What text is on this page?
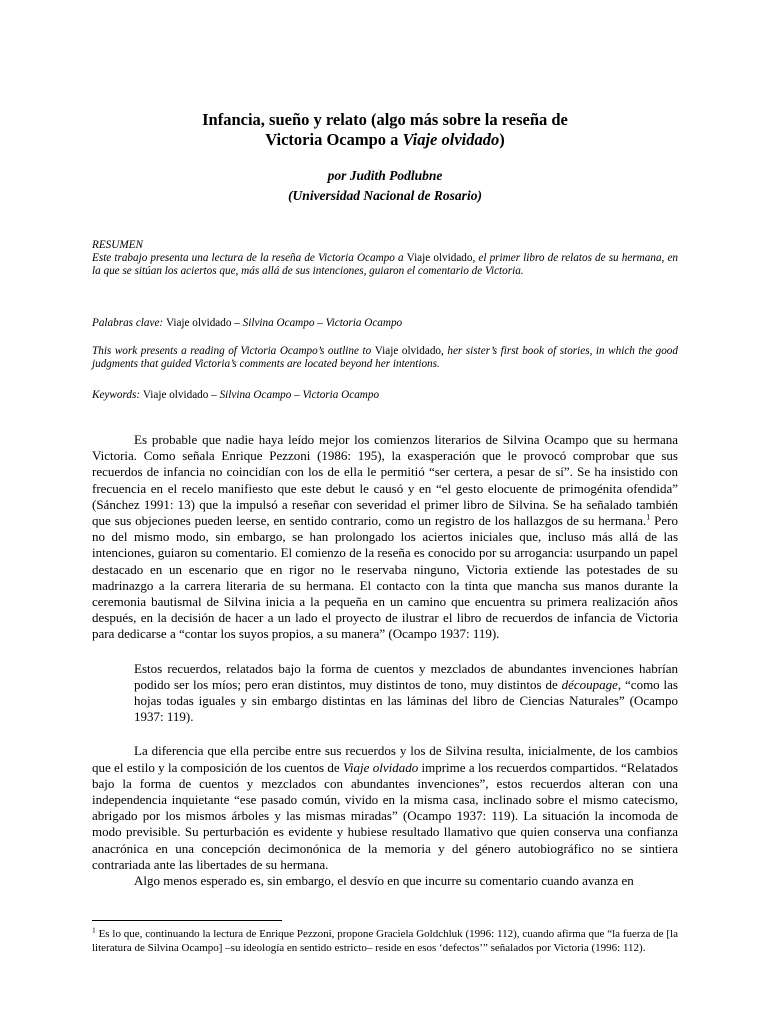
Infancia, sueño y relato (algo más sobre la reseña de
Victoria Ocampo a Viaje olvidado)
por Judith Podlubne
(Universidad Nacional de Rosario)
RESUMEN
Este trabajo presenta una lectura de la reseña de Victoria Ocampo a Viaje olvidado, el primer libro de relatos de su hermana, en la que se sitúan los aciertos que, más allá de sus intenciones, guiaron el comentario de Victoria.
Palabras clave: Viaje olvidado – Silvina Ocampo – Victoria Ocampo
This work presents a reading of Victoria Ocampo’s outline to Viaje olvidado, her sister’s first book of stories, in which the good judgments that guided Victoria’s comments are located beyond her intentions.
Keywords: Viaje olvidado – Silvina Ocampo – Victoria Ocampo

Es probable que nadie haya leído mejor los comienzos literarios de Silvina Ocampo que su hermana Victoria. Como señala Enrique Pezzoni (1986: 195), la exasperación que le provocó comprobar que sus recuerdos de infancia no coincidían con los de ella le permitió “ser certera, a pesar de sí”. Se ha insistido con frecuencia en el recelo manifiesto que este debut le causó y en “el gesto elocuente de primogénita ofendida” (Sánchez 1991: 13) que la impulsó a reseñar con severidad el primer libro de Silvina. Se ha señalado también que sus objeciones pueden leerse, en sentido contrario, como un registro de los hallazgos de su hermana.$^1$ Pero no del mismo modo, sin embargo, se han prolongado los aciertos iniciales que, incluso más allá de las intenciones, guiaron su comentario. El comienzo de la reseña es conocido por su arrogancia: usurpando un papel destacado en un escenario que en rigor no le reservaba ninguno, Victoria extiende las potestades de su madrinazgo a la carrera literaria de su hermana. El contacto con la tinta que mancha sus manos durante la ceremonia bautismal de Silvina inicia a la pequeña en un camino que encuentra su primera realización años después, en la decisión de hacer a un lado el proyecto de ilustrar el libro de recuerdos de infancia de Victoria para dedicarse a “contar los suyos propios, a su manera” (Ocampo 1937: 119).

Estos recuerdos, relatados bajo la forma de cuentos y mezclados de abundantes invenciones habrían podido ser los míos; pero eran distintos, muy distintos de tono, muy distintos de découpage, “como las hojas todas iguales y sin embargo distintas en las láminas del libro de Ciencias Naturales” (Ocampo 1937: 119).

La diferencia que ella percibe entre sus recuerdos y los de Silvina resulta, inicialmente, de los cambios que el estilo y la composición de los cuentos de Viaje olvidado imprime a los recuerdos compartidos. “Relatados bajo la forma de cuentos y mezclados con abundantes invenciones”, estos recuerdos alteran con una independencia inquietante “ese pasado común, vivido en la misma casa, inclinado sobre el mismo catecismo, abrigado por los mismos árboles y las mismas miradas” (Ocampo 1937: 119). La situación la incomoda de modo previsible. Su perturbación es evidente y hubiese resultado llamativo que quien conserva una confianza anacrónica en una concepción decimonónica de la memoria y del género autobiográfico no se sintiera contrariada ante las libertades de su hermana.

Algo menos esperado es, sin embargo, el desvío en que incurre su comentario cuando avanza en

$^1$ Es lo que, continuando la lectura de Enrique Pezzoni, propone Graciela Goldchluk (1996: 112), cuando afirma que “la fuerza de [la literatura de Silvina Ocampo] –su ideología en sentido estricto– reside en esos ‘defectos’” señalados por Victoria (1996: 112).
